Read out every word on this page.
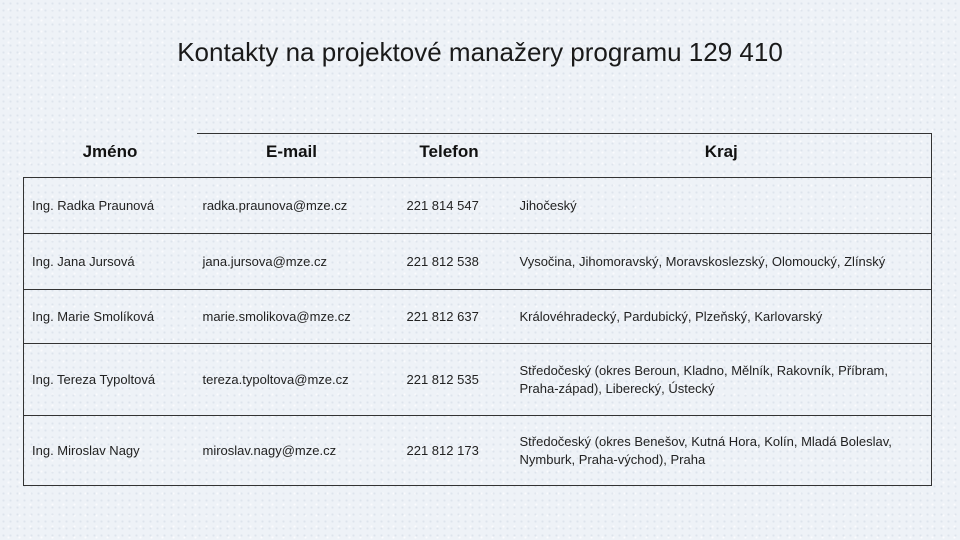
Kontakty na projektové manažery programu 129 410
Jméno	E-mail	Telefon	Kraj
Ing. Radka Praunová	radka.praunova@mze.cz	221 814 547	Jihočeský
Ing. Jana Jursová	jana.jursova@mze.cz	221 812 538	Vysočina, Jihomoravský, Moravskoslezský, Olomoucký, Zlínský
Ing. Marie Smolíková	marie.smolikova@mze.cz	221 812 637	Královéhradecký, Pardubický, Plzeňský, Karlovarský
Ing. Tereza Typoltová	tereza.typoltova@mze.cz	221 812 535	Středočeský (okres Beroun, Kladno, Mělník, Rakovník, Příbram, Praha-západ), Liberecký, Ústecký
Ing. Miroslav Nagy	miroslav.nagy@mze.cz	221 812 173	Středočeský (okres Benešov, Kutná Hora, Kolín, Mladá Boleslav, Nymburk, Praha-východ), Praha
